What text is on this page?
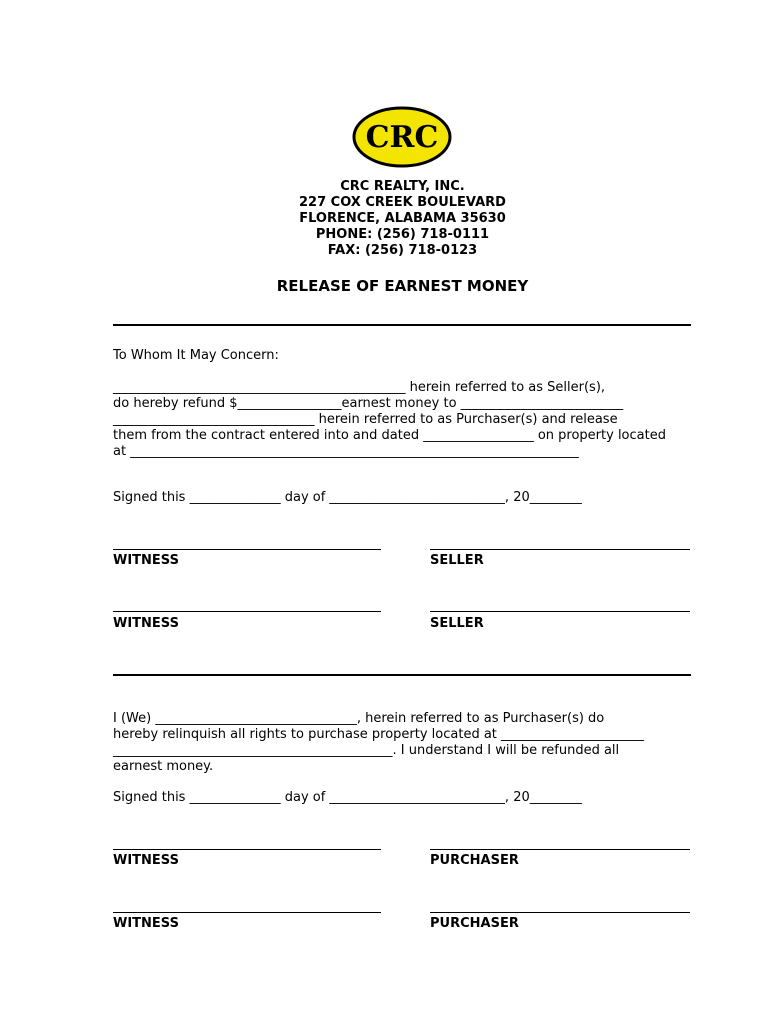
CRC
CRC REALTY, INC.
227 COX CREEK BOULEVARD
FLORENCE, ALABAMA 35630
PHONE: (256) 718-0111
FAX: (256) 718-0123
RELEASE OF EARNEST MONEY
To Whom It May Concern:
_____________________________________________ herein referred to as Seller(s),
do hereby refund $________________earnest money to _________________________
_______________________________ herein referred to as Purchaser(s) and release
them from the contract entered into and dated _________________ on property located
at _____________________________________________________________________
Signed this ______________ day of ___________________________, 20________
WITNESS	SELLER
WITNESS	SELLER
I (We) _______________________________, herein referred to as Purchaser(s) do
hereby relinquish all rights to purchase property located at ______________________
___________________________________________. I understand I will be refunded all
earnest money.
Signed this ______________ day of ___________________________, 20________
WITNESS	PURCHASER
WITNESS	PURCHASER
